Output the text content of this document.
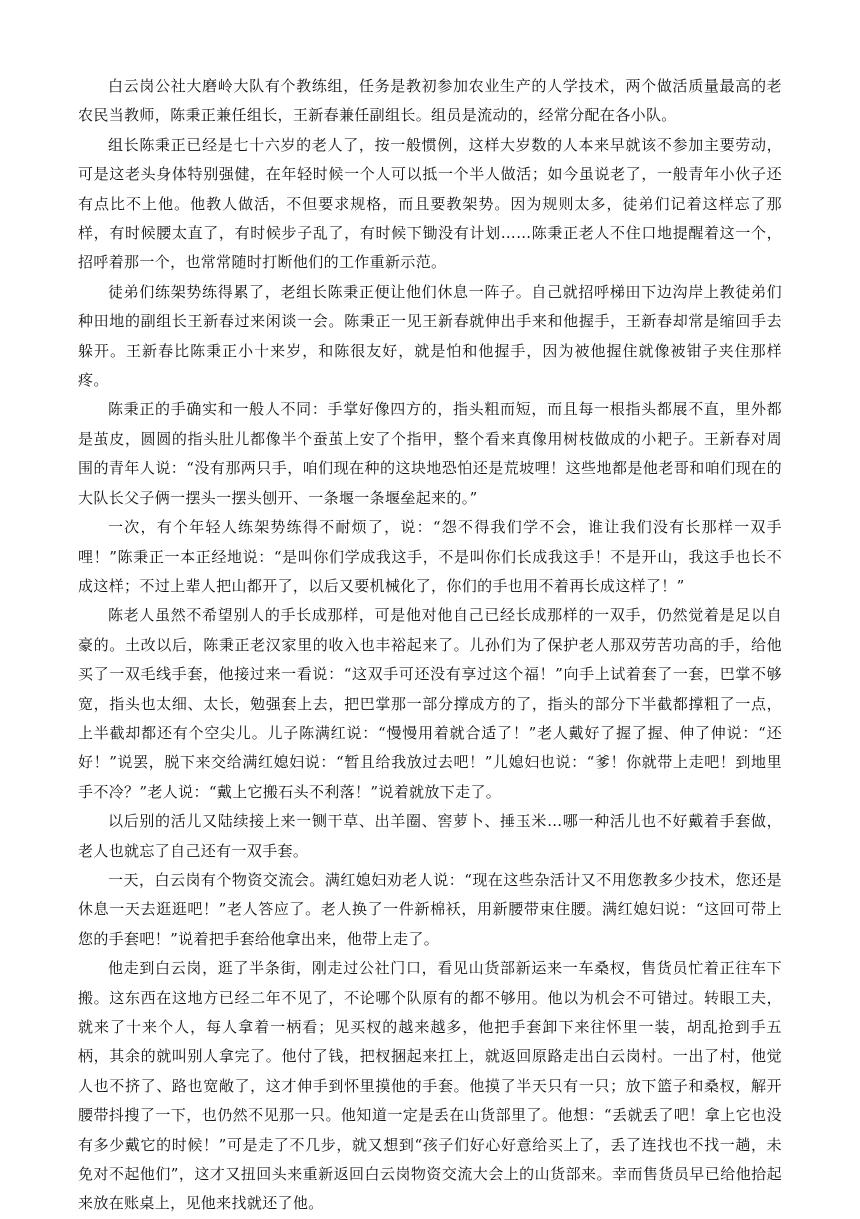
白云岗公社大磨岭大队有个教练组，任务是教初参加农业生产的人学技术，两个做活质量最高的老农民当教师，陈秉正兼任组长，王新春兼任副组长。组员是流动的，经常分配在各小队。

组长陈秉正已经是七十六岁的老人了，按一般惯例，这样大岁数的人本来早就该不参加主要劳动，可是这老头身体特别强健，在年轻时候一个人可以抵一个半人做活；如今虽说老了，一般青年小伙子还有点比不上他。他教人做活，不但要求规格，而且要教架势。因为规则太多，徒弟们记着这样忘了那样，有时候腰太直了，有时候步子乱了，有时候下锄没有计划……陈秉正老人不住口地提醒着这一个，招呼着那一个，也常常随时打断他们的工作重新示范。

徒弟们练架势练得累了，老组长陈秉正便让他们休息一阵子。自己就招呼梯田下边沟岸上教徒弟们种田地的副组长王新春过来闲谈一会。陈秉正一见王新春就伸出手来和他握手，王新春却常是缩回手去躲开。王新春比陈秉正小十来岁，和陈很友好，就是怕和他握手，因为被他握住就像被钳子夹住那样疼。

陈秉正的手确实和一般人不同：手掌好像四方的，指头粗而短，而且每一根指头都展不直，里外都是茧皮，圆圆的指头肚儿都像半个蚕茧上安了个指甲，整个看来真像用树枝做成的小耙子。王新春对周围的青年人说：“没有那两只手，咱们现在种的这块地恐怕还是荒坡哩！这些地都是他老哥和咱们现在的大队长父子俩一摆头一摆头刨开、一条堰一条堰垒起来的。”

一次，有个年轻人练架势练得不耐烦了，说：“怨不得我们学不会，谁让我们没有长那样一双手哩！”陈秉正一本正经地说：“是叫你们学成我这手，不是叫你们长成我这手！不是开山，我这手也长不成这样；不过上辈人把山都开了，以后又要机械化了，你们的手也用不着再长成这样了！”

陈老人虽然不希望别人的手长成那样，可是他对他自己已经长成那样的一双手，仍然觉着是足以自豪的。土改以后，陈秉正老汉家里的收入也丰裕起来了。儿孙们为了保护老人那双劳苦功高的手，给他买了一双毛线手套，他接过来一看说：“这双手可还没有享过这个福！”向手上试着套了一套，巴掌不够宽，指头也太细、太长，勉强套上去，把巴掌那一部分撑成方的了，指头的部分下半截都撑粗了一点，上半截却都还有个空尖儿。儿子陈满红说：“慢慢用着就合适了！”老人戴好了握了握、伸了伸说：“还好！”说罢，脱下来交给满红媳妇说：“暂且给我放过去吧！”儿媳妇也说：“爹！你就带上走吧！到地里手不冷？”老人说：“戴上它搬石头不利落！”说着就放下走了。

以后别的活儿又陆续接上来一铡干草、出羊圈、窖萝卜、捶玉米…哪一种活儿也不好戴着手套做，老人也就忘了自己还有一双手套。

一天，白云岗有个物资交流会。满红媳妇劝老人说：“现在这些杂活计又不用您教多少技术，您还是休息一天去逛逛吧！”老人答应了。老人换了一件新棉袄，用新腰带束住腰。满红媳妇说：“这回可带上您的手套吧！”说着把手套给他拿出来，他带上走了。

他走到白云岗，逛了半条街，刚走过公社门口，看见山货部新运来一车桑杈，售货员忙着正往车下搬。这东西在这地方已经二年不见了，不论哪个队原有的都不够用。他以为机会不可错过。转眼工夫，就来了十来个人，每人拿着一柄看；见买杈的越来越多，他把手套卸下来往怀里一装，胡乱抢到手五柄，其余的就叫别人拿完了。他付了钱，把杈捆起来扛上，就返回原路走出白云岗村。一出了村，他觉人也不挤了、路也宽敞了，这才伸手到怀里摸他的手套。他摸了半天只有一只；放下篮子和桑杈，解开腰带抖搜了一下，也仍然不见那一只。他知道一定是丢在山货部里了。他想：“丢就丢了吧！拿上它也没有多少戴它的时候！”可是走了不几步，就又想到“孩子们好心好意给买上了，丢了连找也不找一趟，未免对不起他们”，这才又扭回头来重新返回白云岗物资交流大会上的山货部来。幸而售货员早已给他拾起来放在账桌上，见他来找就还了他。
